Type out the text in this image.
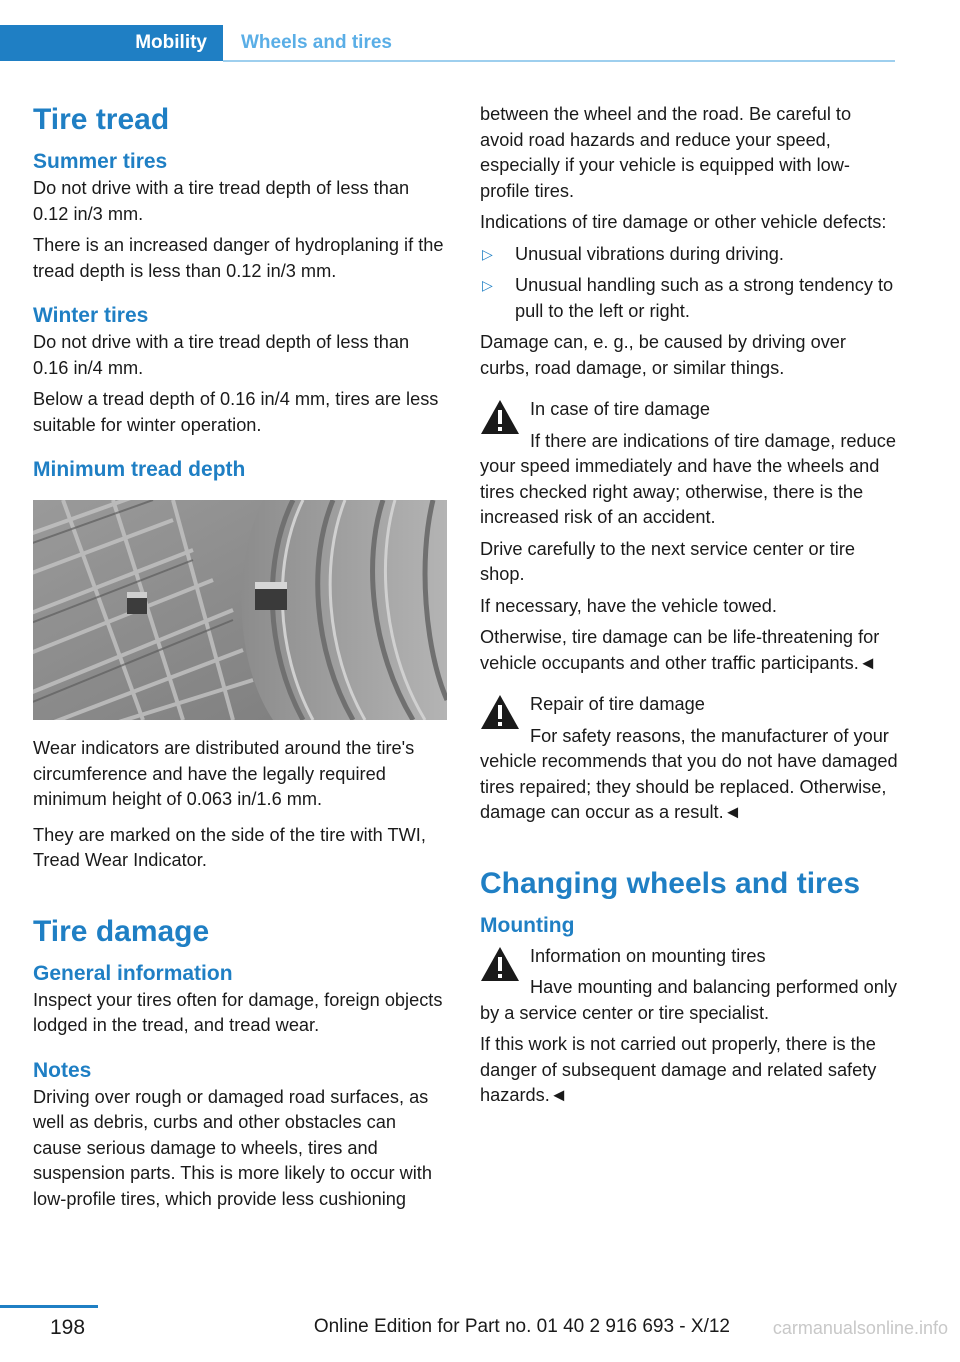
Mobility Wheels and tires
Tire tread
Summer tires

Do not drive with a tire tread depth of less than 0.12 in/3 mm.

There is an increased danger of hydroplaning if the tread depth is less than 0.12 in/3 mm.

Winter tires

Do not drive with a tire tread depth of less than 0.16 in/4 mm.

Below a tread depth of 0.16 in/4 mm, tires are less suitable for winter operation.

Minimum tread depth

Wear indicators are distributed around the tire's circumference and have the legally required minimum height of 0.063 in/1.6 mm.

They are marked on the side of the tire with TWI, Tread Wear Indicator.

Tire damage
General information

Inspect your tires often for damage, foreign objects lodged in the tread, and tread wear.

Notes

Driving over rough or damaged road surfaces, as well as debris, curbs and other obstacles can cause serious damage to wheels, tires and suspension parts. This is more likely to occur with low-profile tires, which provide less cushioning

between the wheel and the road. Be careful to avoid road hazards and reduce your speed, especially if your vehicle is equipped with low-profile tires.

Indications of tire damage or other vehicle defects:

▷	Unusual vibrations during driving.
▷	Unusual handling such as a strong tendency to pull to the left or right.

Damage can, e. g., be caused by driving over curbs, road damage, or similar things.

In case of tire damage

If there are indications of tire damage, reduce your speed immediately and have the wheels and tires checked right away; otherwise, there is the increased risk of an accident.

Drive carefully to the next service center or tire shop.

If necessary, have the vehicle towed.

Otherwise, tire damage can be life-threatening for vehicle occupants and other traffic participants.◄

Repair of tire damage

For safety reasons, the manufacturer of your vehicle recommends that you do not have damaged tires repaired; they should be replaced. Otherwise, damage can occur as a result.◄

Changing wheels and tires
Mounting

Information on mounting tires

Have mounting and balancing performed only by a service center or tire specialist.

If this work is not carried out properly, there is the danger of subsequent damage and related safety hazards.◄

198	Online Edition for Part no. 01 40 2 916 693 - X/12 carmanualsonline.info
